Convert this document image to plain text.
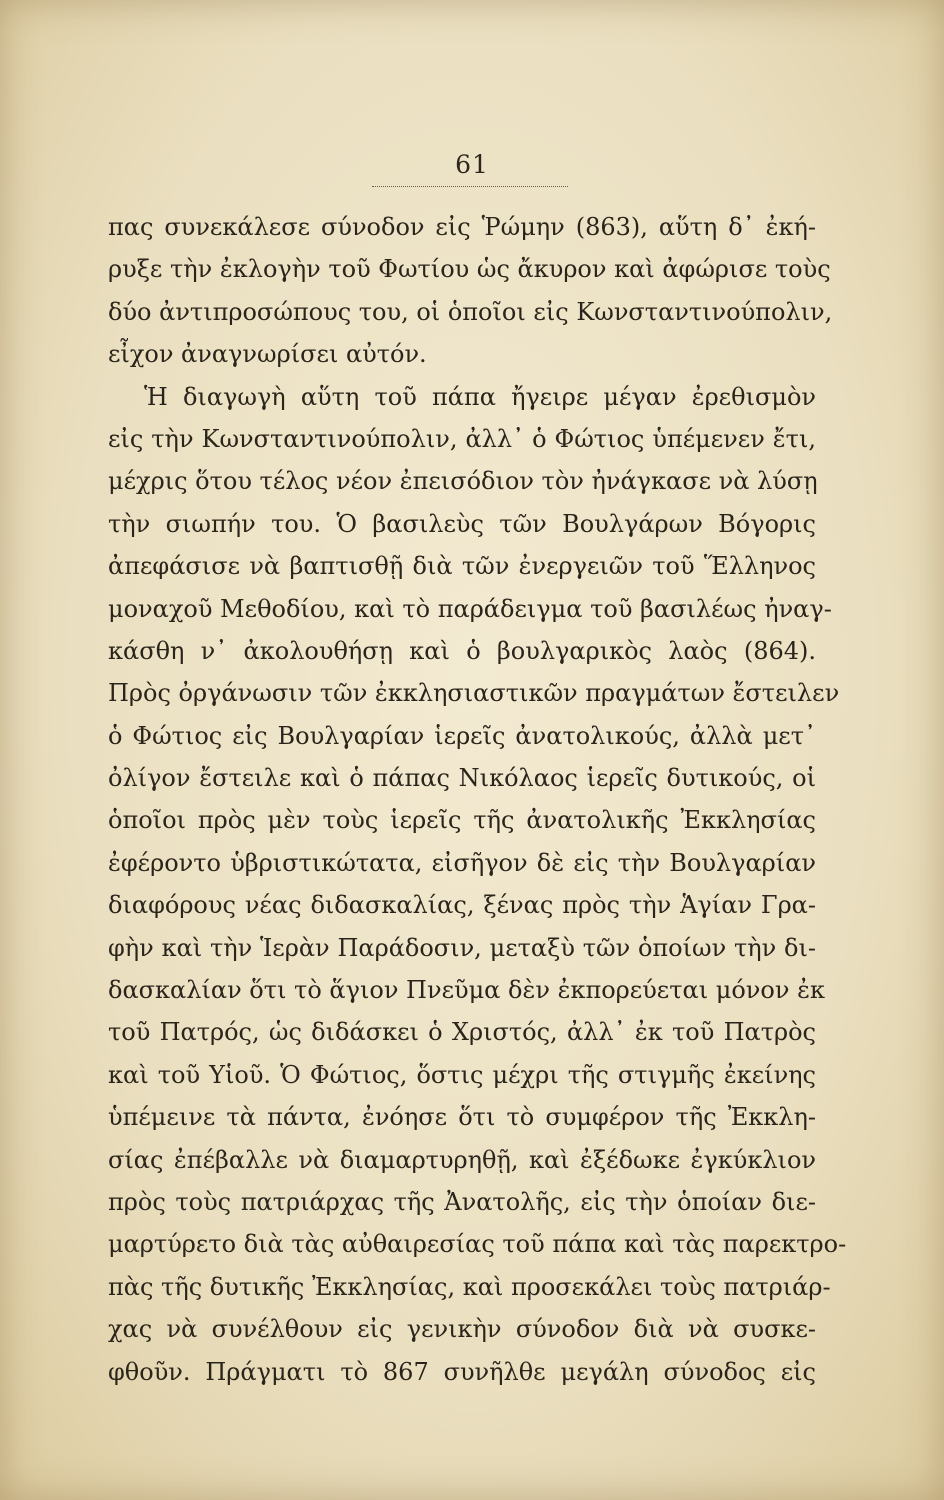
61
πας συνεκάλεσε σύνοδον εἰς Ῥώμην (863), αὕτη δ᾽ ἐκή-
ρυξε τὴν ἐκλογὴν τοῦ Φωτίου ὡς ἄκυρον καὶ ἀφώρισε τοὺς
δύο ἀντιπροσώπους του, οἱ ὁποῖοι εἰς Κωνσταντινούπολιν,
εἶχον ἀναγνωρίσει αὐτόν.
Ἡ διαγωγὴ αὕτη τοῦ πάπα ἤγειρε μέγαν ἐρεθισμὸν
εἰς τὴν Κωνσταντινούπολιν, ἀλλ᾽ ὁ Φώτιος ὑπέμενεν ἔτι,
μέχρις ὅτου τέλος νέον ἐπεισόδιον τὸν ἠνάγκασε νὰ λύσῃ
τὴν σιωπήν του. Ὁ βασιλεὺς τῶν Βουλγάρων Βόγορις
ἀπεφάσισε νὰ βαπτισθῇ διὰ τῶν ἐνεργειῶν τοῦ Ἕλληνος
μοναχοῦ Μεθοδίου, καὶ τὸ παράδειγμα τοῦ βασιλέως ἠναγ-
κάσθη ν᾽ ἀκολουθήσῃ καὶ ὁ βουλγαρικὸς λαὸς (864).
Πρὸς ὀργάνωσιν τῶν ἐκκλησιαστικῶν πραγμάτων ἔστειλεν
ὁ Φώτιος εἰς Βουλγαρίαν ἱερεῖς ἀνατολικούς, ἀλλὰ μετ᾽
ὀλίγον ἔστειλε καὶ ὁ πάπας Νικόλαος ἱερεῖς δυτικούς, οἱ
ὁποῖοι πρὸς μὲν τοὺς ἱερεῖς τῆς ἀνατολικῆς Ἐκκλησίας
ἐφέροντο ὑβριστικώτατα, εἰσῆγον δὲ εἰς τὴν Βουλγαρίαν
διαφόρους νέας διδασκαλίας, ξένας πρὸς τὴν Ἁγίαν Γρα-
φὴν καὶ τὴν Ἱερὰν Παράδοσιν, μεταξὺ τῶν ὁποίων τὴν δι-
δασκαλίαν ὅτι τὸ ἅγιον Πνεῦμα δὲν ἐκπορεύεται μόνον ἐκ
τοῦ Πατρός, ὡς διδάσκει ὁ Χριστός, ἀλλ᾽ ἐκ τοῦ Πατρὸς
καὶ τοῦ Υἱοῦ. Ὁ Φώτιος, ὅστις μέχρι τῆς στιγμῆς ἐκείνης
ὑπέμεινε τὰ πάντα, ἐνόησε ὅτι τὸ συμφέρον τῆς Ἐκκλη-
σίας ἐπέβαλλε νὰ διαμαρτυρηθῇ, καὶ ἐξέδωκε ἐγκύκλιον
πρὸς τοὺς πατριάρχας τῆς Ἀνατολῆς, εἰς τὴν ὁποίαν διε-
μαρτύρετο διὰ τὰς αὐθαιρεσίας τοῦ πάπα καὶ τὰς παρεκτρο-
πὰς τῆς δυτικῆς Ἐκκλησίας, καὶ προσεκάλει τοὺς πατριάρ-
χας νὰ συνέλθουν εἰς γενικὴν σύνοδον διὰ νὰ συσκε-
φθοῦν. Πράγματι τὸ 867 συνῆλθε μεγάλη σύνοδος εἰς
